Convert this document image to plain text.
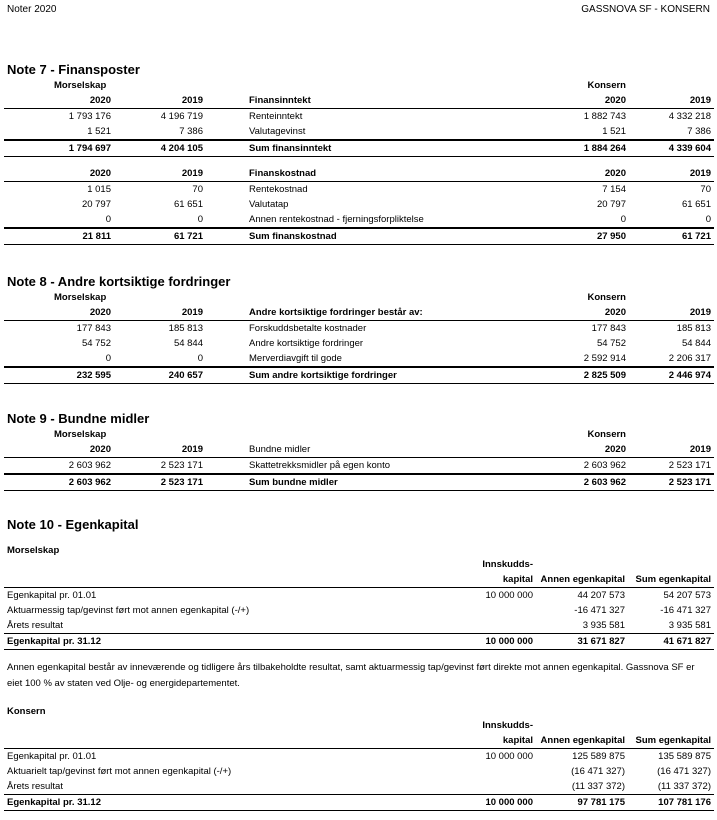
Noter 2020	GASSNOVA SF - KONSERN
Note 7 - Finansposter
Morselskap			Konsern	
2020	2019	Finansinntekt	2020	2019
1 793 176	4 196 719	Renteinntekt	1 882 743	4 332 218
1 521	7 386	Valutagevinst	1 521	7 386
1 794 697	4 204 105	Sum finansinntekt	1 884 264	4 339 604

2020	2019	Finanskostnad	2020	2019
1 015	70	Rentekostnad	7 154	70
20 797	61 651	Valutatap	20 797	61 651
0	0	Annen rentekostnad - fjerningsforpliktelse	0	0
21 811	61 721	Sum finanskostnad	27 950	61 721
Note 8 - Andre kortsiktige fordringer
Morselskap			Konsern	
2020	2019	Andre kortsiktige fordringer består av:	2020	2019
177 843	185 813	Forskuddsbetalte kostnader	177 843	185 813
54 752	54 844	Andre kortsiktige fordringer	54 752	54 844
0	0	Merverdiavgift til gode	2 592 914	2 206 317
232 595	240 657	Sum andre kortsiktige fordringer	2 825 509	2 446 974
Note 9 - Bundne midler
Morselskap			Konsern	
2020	2019	Bundne midler	2020	2019
2 603 962	2 523 171	Skattetrekksmidler på egen konto	2 603 962	2 523 171
2 603 962	2 523 171	Sum bundne midler	2 603 962	2 523 171
Note 10 - Egenkapital
Morselskap
	Innskudds-		
	kapital	Annen egenkapital	Sum egenkapital
Egenkapital pr. 01.01	10 000 000	44 207 573	54 207 573
Aktuarmessig tap/gevinst ført mot annen egenkapital (-/+)		-16 471 327	-16 471 327
Årets resultat		3 935 581	3 935 581
Egenkapital pr. 31.12	10 000 000	31 671 827	41 671 827
Annen egenkapital består av inneværende og tidligere års tilbakeholdte resultat, samt aktuarmessig tap/gevinst ført direkte mot annen egenkapital. Gassnova SF er eiet 100 % av staten ved Olje- og energidepartementet.
Konsern
	Innskudds-		
	kapital	Annen egenkapital	Sum egenkapital
Egenkapital pr. 01.01	10 000 000	125 589 875	135 589 875
Aktuarielt tap/gevinst ført mot annen egenkapital (-/+)		(16 471 327)	(16 471 327)
Årets resultat		(11 337 372)	(11 337 372)
Egenkapital pr. 31.12	10 000 000	97 781 175	107 781 176
